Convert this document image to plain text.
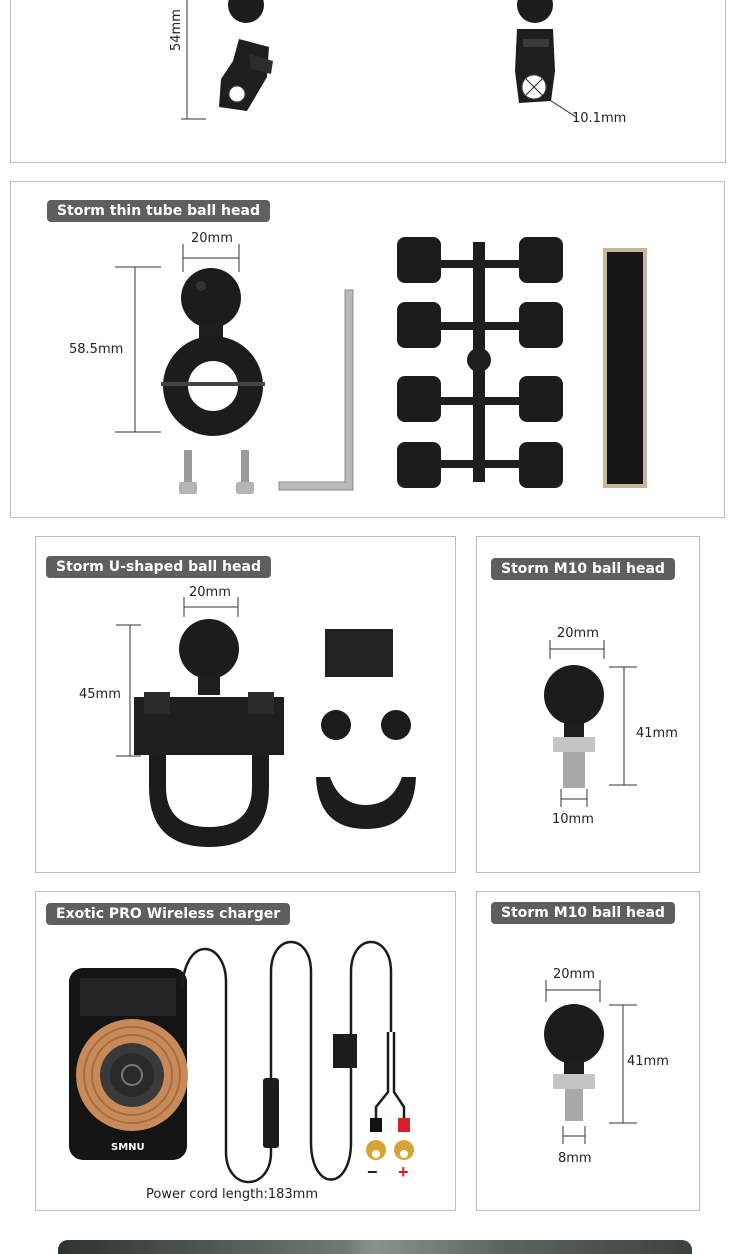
54mm
10.1mm
Storm thin tube ball head
20mm
58.5mm
Storm U-shaped ball head
20mm
45mm
Storm M10 ball head
20mm
41mm
10mm
Exotic PRO Wireless charger
SMNU
− +
Power cord length:183mm
Storm M10 ball head
20mm
41mm
8mm
